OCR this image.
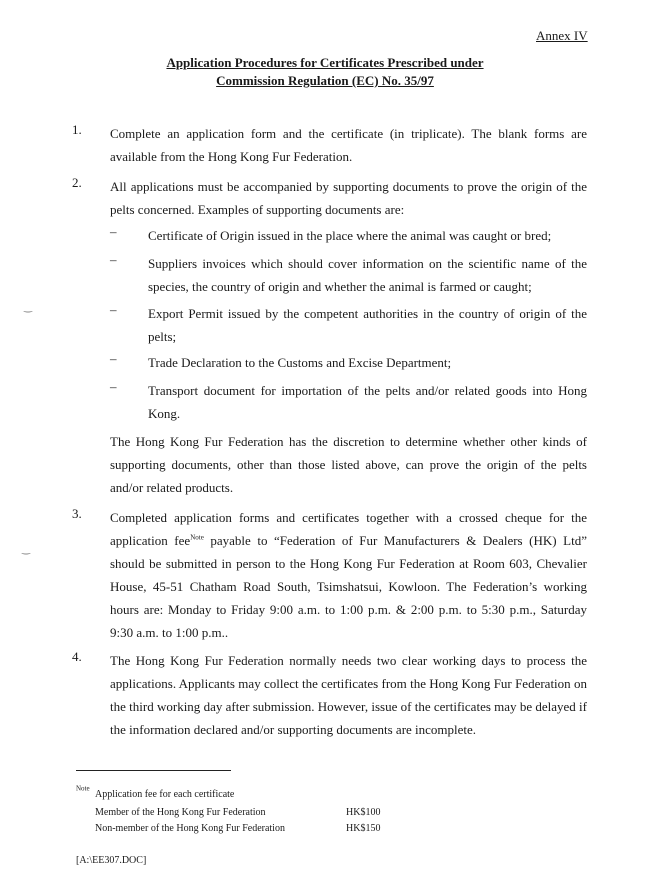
Annex IV
Application Procedures for Certificates Prescribed under
Commission Regulation (EC) No. 35/97
1. Complete an application form and the certificate (in triplicate). The blank forms are available from the Hong Kong Fur Federation.
2. All applications must be accompanied by supporting documents to prove the origin of the pelts concerned. Examples of supporting documents are:
– Certificate of Origin issued in the place where the animal was caught or bred;
– Suppliers invoices which should cover information on the scientific name of the species, the country of origin and whether the animal is farmed or caught;
– Export Permit issued by the competent authorities in the country of origin of the pelts;
– Trade Declaration to the Customs and Excise Department;
– Transport document for importation of the pelts and/or related goods into Hong Kong.
The Hong Kong Fur Federation has the discretion to determine whether other kinds of supporting documents, other than those listed above, can prove the origin of the pelts and/or related products.
3. Completed application forms and certificates together with a crossed cheque for the application fee$^{Note}$ payable to “Federation of Fur Manufacturers & Dealers (HK) Ltd” should be submitted in person to the Hong Kong Fur Federation at Room 603, Chevalier House, 45-51 Chatham Road South, Tsimshatsui, Kowloon. The Federation’s working hours are: Monday to Friday 9:00 a.m. to 1:00 p.m. & 2:00 p.m. to 5:30 p.m., Saturday 9:30 a.m. to 1:00 p.m..
4. The Hong Kong Fur Federation normally needs two clear working days to process the applications. Applicants may collect the certificates from the Hong Kong Fur Federation on the third working day after submission. However, issue of the certificates may be delayed if the information declared and/or supporting documents are incomplete.
$^{Note}$
Application fee for each certificate
Member of the Hong Kong Fur Federation	HK$100
Non-member of the Hong Kong Fur Federation	HK$150
[A:\EE307.DOC]
‿
‿
